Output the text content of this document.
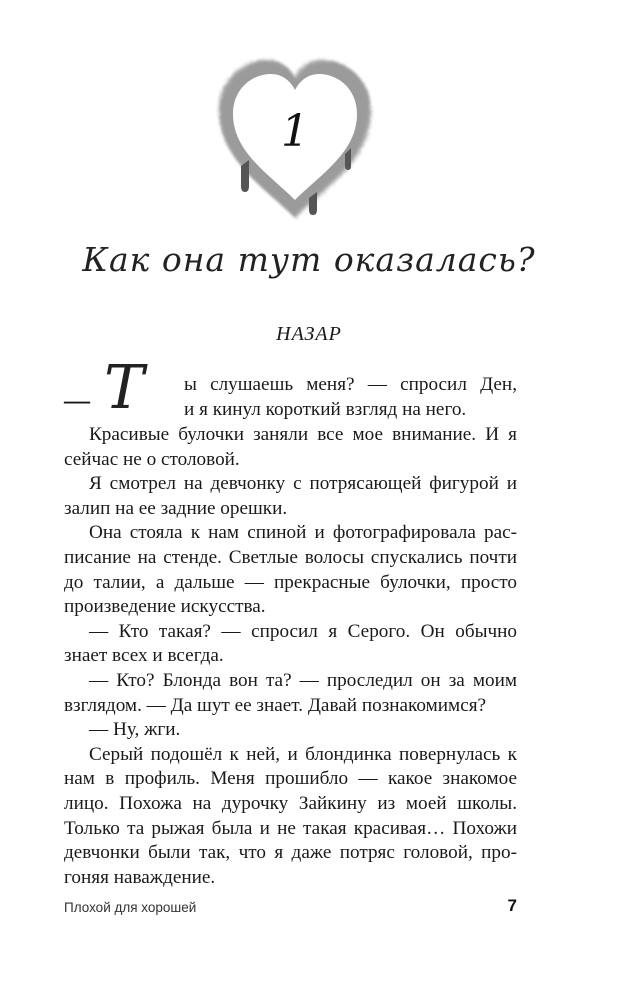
1
Как она тут оказалась?
НАЗАР
— Т ы слушаешь меня? — спросил Ден,
и я кинул короткий взгляд на него.

Красивые булочки заняли все мое внимание. И я сейчас не о столовой.

Я смотрел на девчонку с потрясающей фигурой и залип на ее задние орешки.

Она стояла к нам спиной и фотографировала расписание на стенде. Светлые волосы спускались почти до талии, а дальше — прекрасные булочки, просто произведение искусства.

— Кто такая? — спросил я Серого. Он обычно знает всех и всегда.

— Кто? Блонда вон та? — проследил он за моим взглядом. — Да шут ее знает. Давай познакомимся?

— Ну, жги.

Серый подошёл к ней, и блондинка повернулась к нам в профиль. Меня прошибло — какое знакомое лицо. Похожа на дурочку Зайкину из моей школы. Только та рыжая была и не такая красивая… Похожи девчонки были так, что я даже потряс головой, прогоняя наваждение.

Плохой для хорошей	7
